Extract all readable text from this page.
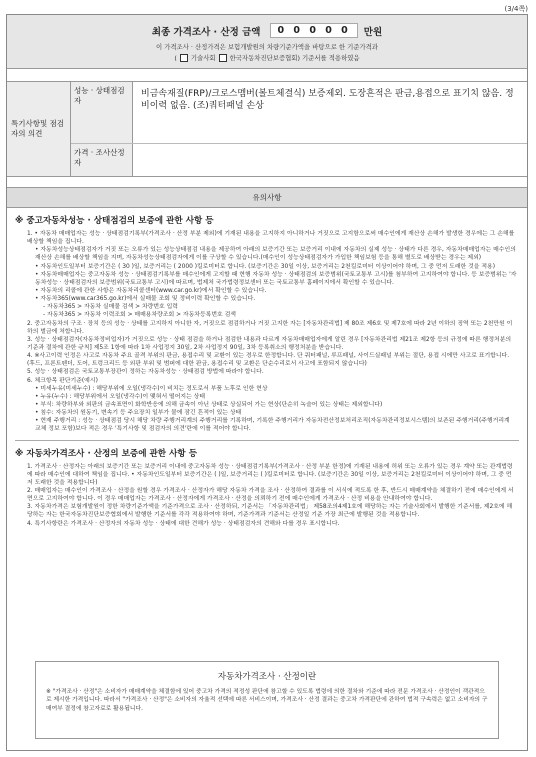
(3/4쪽)
최종 가격조사 · 산정 금액	0 0 0 0 0	만원
이 가격조사 · 산정가격은 보험개발원의 차량기준가액을 바탕으로 한 기준가격과
( 기술사회 한국자동차진단보증협회) 기준서를 적용하였음
특기사항및 점검자의 의견
성능 · 상태점검자
비금속재질(FRP)/크로스멤버(볼트체결식) 보증제외. 도장흔적은 판금,용접으로 표기치 않음. 정비이력 없음. (조)쿼터패널 손상
가격 · 조사산정자
유의사항
※ 중고자동차성능 · 상태점검의 보증에 관한 사항 등

1. • 자동차 매매업자는 성능 · 상태점검기록부(가격조사 · 산정 부분 제외)에 기재된 내용을 고지하지 아니하거나 거짓으로 고지함으로써 매수인에게 재산상 손해가 발생한 경우에는 그 손해를 배상할 책임을 집니다.

• 자동차성능상태점검자가 거짓 또는 오류가 있는 성능상태점검 내용을 제공하여 아래의 보증기간 또는 보증거리 이내에 자동차의 실제 성능 · 상태가 다른 경우, 자동차매매업자는 매수인의 재산상 손해를 배상할 책임을 지며, 자동차성능상태점검자에게 이를 구상할 수 있습니다.(매수인이 성능상태점검자가 가입한 책임보험 등을 통해 별도로 배상받는 경우는 제외)

• 자동차인도일부터 보증기간은 ( 30 )일, 보증거리는 ( 2000 )킬로미터로 합니다. (보증기간은 30일 이상, 보증거리는 2천킬로미터 이상이어야 하며, 그 중 먼저 도래한 것을 적용)

• 자동차매매업자는 중고자동차 성능 · 상태점검기록부를 매수인에게 고지할 때 현행 자동차 성능 · 상태점검의 보증범위(국토교통부 고시)를 첨부하여 고지하여야 합니다. 등 보증범위는 '자동차성능 · 상태점검자의 보증범위(국토교통부 고시)에 따르며, 법제처 국가법령정보센터 또는 국토교통부 홈페이지에서 확인할 수 있습니다.

• 자동차의 리콜에 관한 사항은 자동차리콜센터(www.car.go.kr)에서 확인할 수 있습니다.

• 자동차365(www.car365.go.kr)에서 실매물 조회 및 정비이력 확인할 수 있습니다.

- 자동차365 > 자동차 실매물 검색 > 차량번호 입력

- 자동차365 > 자동차 이력조회 > 매매용차량조회 > 자동차등록번호 검색

2. 중고자동차의 구조 · 장치 등의 성능 · 상태를 고지하지 아니한 자, 거짓으로 점검하거나 거짓 고지한 자는 [자동차관리법] 제 80조 제6호 및 제7호에 따라 2년 이하의 징역 또는 2천만원 이하의 벌금에 처합니다.

3. 성능 · 상태점검자(자동차정비업자)가 거짓으로 성능 · 상태 점검을 하거나 점검한 내용과 다르게 자동차매매업자에게 알린 경우 [자동차관리법 제21조 제2항 등의 규정에 따른 행정처분의 기준과 절차에 관한 규칙] 제5조 1항에 따라 1차 사업정지 30일, 2차 사업정지 90일, 3차 등록취소의 행정처분을 받습니다.

4. ※사고이력 인정은 사고로 자동차 주요 골격 부위의 판금, 용접수리 및 교환이 있는 경우로 한정합니다. 단 쿼터패널, 루프패널, 사이드실패널 부위는 절단, 용접 시에만 사고로 표기합니다. (후드, 프론트펜더, 도어, 트렁크리드 등 외판 부위 및 범퍼에 대한 판금, 용접수리 및 교환은 단순수리로서 사고에 포함되지 않습니다)

5. 성능 · 상태점검은 국토교통부장관이 정하는 자동차성능 · 상태점검 방법에 따라야 합니다.

6. 체크항목 판단기준(예시)

• 미세누유(미세누수) : 해당부위에 오일(냉각수)이 비치는 정도로서 부품 노후로 인한 현상

• 누유(누수) : 해당부위에서 오일(냉각수)이 맺혀서 떨어지는 상태

• 부식: 차량하부와 외판의 금속표면이 화학반응에 의해 금속이 아닌 상태로 상실되어 가는 현상(단순히 녹슬어 있는 상태는 제외합니다)

• 침수: 자동차의 원동기, 변속기 등 주요장치 일부가 물에 잠긴 흔적이 있는 상태

• 현재 주행거리 : 성능 · 상태점검 당시 해당 차량 주행거리계의 주행거리를 기록하며, 기록한 주행거리가 자동차전산정보처리조직(자동차관리정보시스템)의 보존된 주행거리(주행거리계 교체 정보 포함)보다 적은 경우 '특기사항 및 점검자의 의견'란에 이를 적어야 합니다.

※ 자동차가격조사 · 산정의 보증에 관한 사항 등

1. 가격조사 · 산정자는 아래의 보증기간 또는 보증거리 이내에 중고자동차 성능 · 상태점검기록부(가격조사 · 산정 부분 한정)에 기재된 내용에 허위 또는 오류가 있는 경우 계약 또는 관계법령에 따라 매수인에 대하여 책임을 집니다. • 자동차인도일부터 보증기간은 ( )일, 보증거리는 ( )킬로미터로 합니다. (보증기간은 30일 이상, 보증거리는 2천킬로미터 이상이어야 하며, 그 중 먼저 도래한 것을 적용합니다)

2. 매매업자는 매수인이 가격조사 · 산정을 원할 경우 가격조사 · 산정자가 해당 자동차 가격을 조사 · 산정하여 결과를 이 서식에 적도록 한 후, 반드시 매매계약을 체결하기 전에 매수인에게 서면으로 고지하여야 합니다. 이 경우 매매업자는 가격조사 · 산정자에게 가격조사 · 산정을 의뢰하기 전에 매수인에게 가격조사 · 산정 비용을 안내하여야 합니다.

3. 자동차가격은 보험개발원이 정한 차량기준가액을 기준가격으로 조사 · 산정하되, 기준서는 「자동차관리법」 제58조의4제1호에 해당하는 자는 기술사회에서 발행한 기준서를, 제2호에 해당하는 자는 한국자동차진단보증협회에서 발행한 기준서를 각각 적용하여야 하며, 기준가격과 기준서는 산정일 기준 가장 최근에 발행된 것을 적용합니다.

4. 특기사항란은 가격조사 · 산정자의 자동차 성능 · 상태에 대한 견해가 성능 · 상태점검자의 견해와 다를 경우 표시합니다.

자동차가격조사 · 산정이란
※ "가격조사 · 산정"은 소비자가 매매계약을 체결함에 있어 중고차 가격의 적정성 판단에 참고할 수 있도록 법령에 의한 절차와 기준에 따라 전문 가격조사 · 산정인이 객관적으로 제시한 가격입니다. 따라서 "가격조사 · 산정"은 소비자의 자율적 선택에 따른 서비스이며, 가격조사 · 산정 결과는 중고차 가격판단에 관하여 법적 구속력은 없고 소비자의 구매여부 결정에 참고자료로 활용됩니다.
